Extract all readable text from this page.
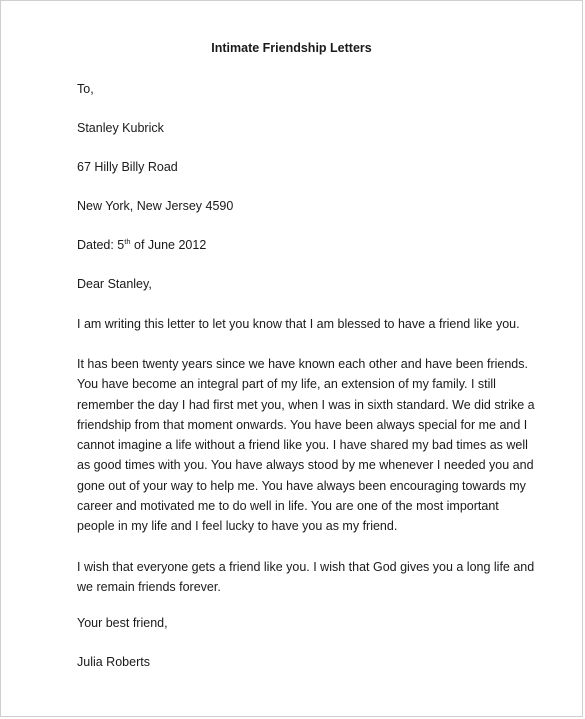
Intimate Friendship Letters
To,
Stanley Kubrick
67 Hilly Billy Road
New York, New Jersey 4590
Dated: 5th of June 2012
Dear Stanley,
I am writing this letter to let you know that I am blessed to have a friend like you.
It has been twenty years since we have known each other and have been friends.
You have become an integral part of my life, an extension of my family. I still
remember the day I had first met you, when I was in sixth standard. We did strike a
friendship from that moment onwards. You have been always special for me and I
cannot imagine a life without a friend like you. I have shared my bad times as well
as good times with you. You have always stood by me whenever I needed you and
gone out of your way to help me. You have always been encouraging towards my
career and motivated me to do well in life. You are one of the most important
people in my life and I feel lucky to have you as my friend.
I wish that everyone gets a friend like you. I wish that God gives you a long life and
we remain friends forever.
Your best friend,
Julia Roberts
